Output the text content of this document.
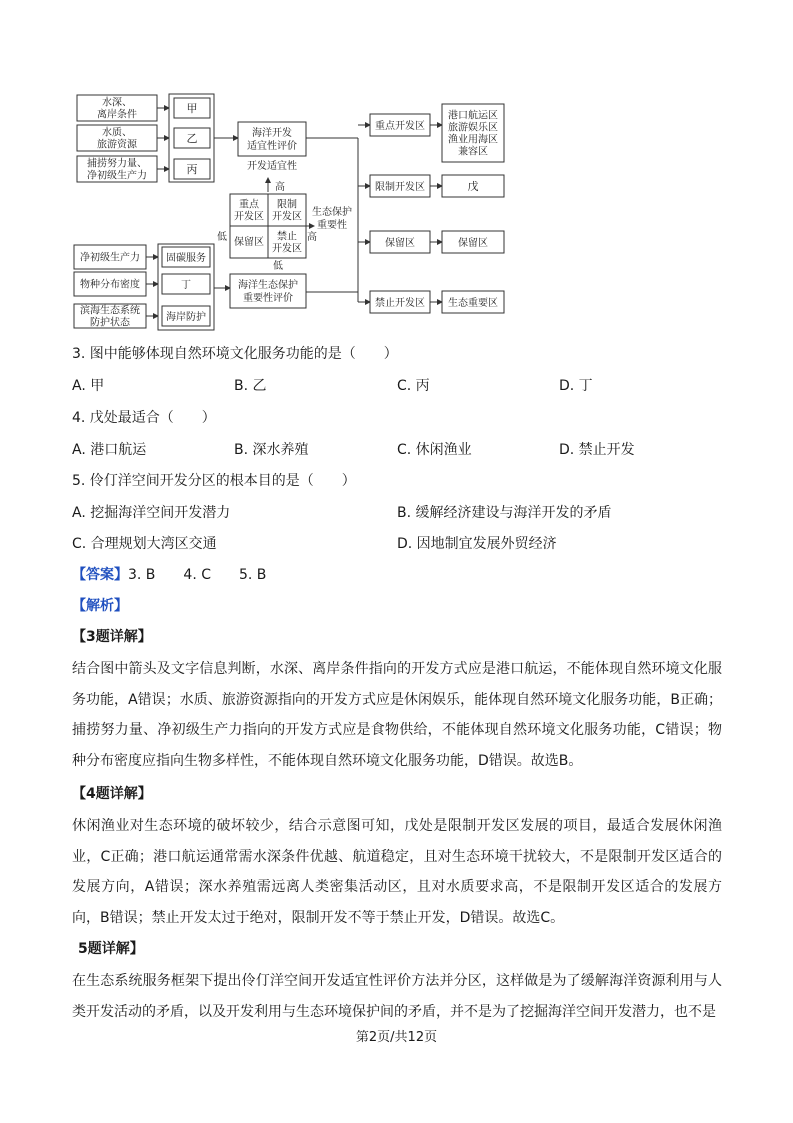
水深、
离岸条件
水质、
旅游资源
捕捞努力量、
净初级生产力
甲
乙
丙
海洋开发
适宜性评价
开发适宜性
净初级生产力
物种分布密度
滨海生态系统
防护状态
固碳服务
丁
海岸防护
海洋生态保护
重要性评价
重点
开发区
限制
开发区
保留区 禁止
开发区
高
低
低	高
生态保护
重要性
重点开发区
限制开发区
保留区
禁止开发区
港口航运区
旅游娱乐区
渔业用海区
兼容区
戊
保留区
生态重要区
3. 图中能够体现自然环境文化服务功能的是（　　）
A. 甲	B. 乙	C. 丙	D. 丁
4. 戊处最适合（　　）
A. 港口航运	B. 深水养殖	C. 休闲渔业	D. 禁止开发
5. 伶仃洋空间开发分区的根本目的是（　　）
A. 挖掘海洋空间开发潜力	B. 缓解经济建设与海洋开发的矛盾
C. 合理规划大湾区交通	D. 因地制宜发展外贸经济
【答案】3. B　　4. C　　5. B
【解析】
【3题详解】
结合图中箭头及文字信息判断，水深、离岸条件指向的开发方式应是港口航运，不能体现自然环境文化服务功能，A错误；水质、旅游资源指向的开发方式应是休闲娱乐，能体现自然环境文化服务功能，B正确；捕捞努力量、净初级生产力指向的开发方式应是食物供给，不能体现自然环境文化服务功能，C错误；物种分布密度应指向生物多样性，不能体现自然环境文化服务功能，D错误。故选B。
【4题详解】
休闲渔业对生态环境的破坏较少，结合示意图可知，戊处是限制开发区发展的项目，最适合发展休闲渔业，C正确；港口航运通常需水深条件优越、航道稳定，且对生态环境干扰较大，不是限制开发区适合的发展方向，A错误；深水养殖需远离人类密集活动区，且对水质要求高，不是限制开发区适合的发展方向，B错误；禁止开发太过于绝对，限制开发不等于禁止开发，D错误。故选C。
5题详解】
在生态系统服务框架下提出伶仃洋空间开发适宜性评价方法并分区，这样做是为了缓解海洋资源利用与人类开发活动的矛盾，以及开发利用与生态环境保护间的矛盾，并不是为了挖掘海洋空间开发潜力，也不是
第2页/共12页
